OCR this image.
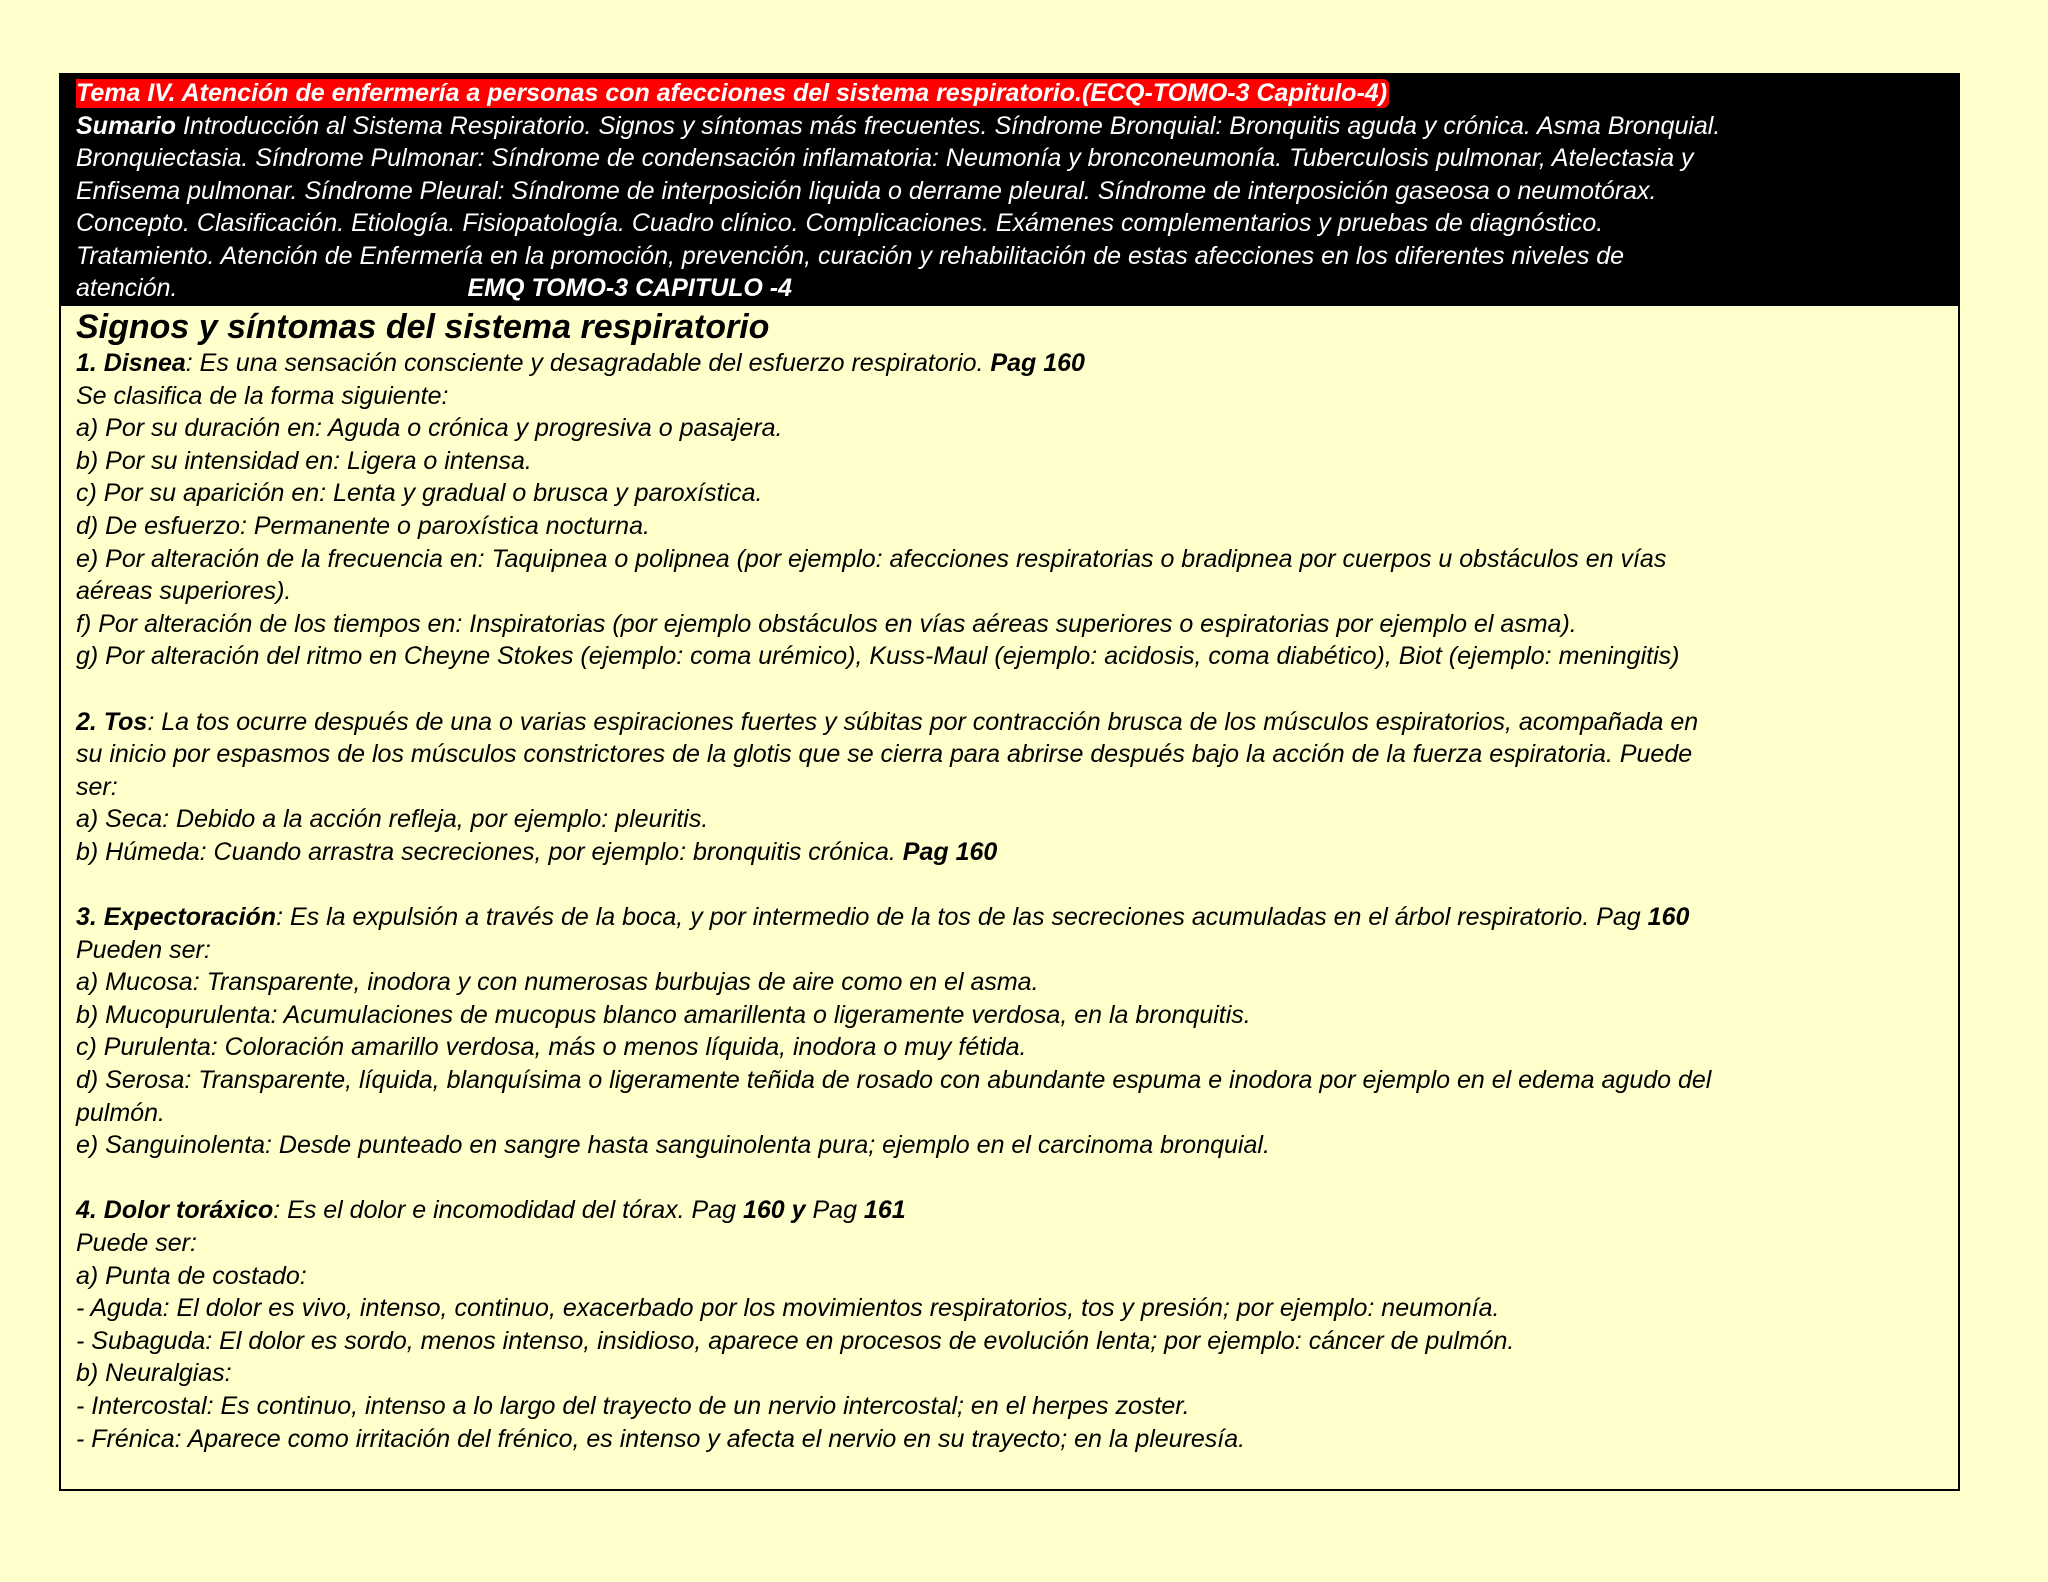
Tema IV. Atención de enfermería a personas con afecciones del sistema respiratorio.(ECQ-TOMO-3 Capitulo-4)
Sumario Introducción al Sistema Respiratorio. Signos y síntomas más frecuentes. Síndrome Bronquial: Bronquitis aguda y crónica. Asma Bronquial.
Bronquiectasia. Síndrome Pulmonar: Síndrome de condensación inflamatoria: Neumonía y bronconeumonía. Tuberculosis pulmonar, Atelectasia y
Enfisema pulmonar. Síndrome Pleural: Síndrome de interposición liquida o derrame pleural. Síndrome de interposición gaseosa o neumotórax.
Concepto. Clasificación. Etiología. Fisiopatología. Cuadro clínico. Complicaciones. Exámenes complementarios y pruebas de diagnóstico.
Tratamiento. Atención de Enfermería en la promoción, prevención, curación y rehabilitación de estas afecciones en los diferentes niveles de
atención.	EMQ TOMO-3 CAPITULO -4
Signos y síntomas del sistema respiratorio
1. Disnea: Es una sensación consciente y desagradable del esfuerzo respiratorio. Pag 160
Se clasifica de la forma siguiente:
a) Por su duración en: Aguda o crónica y progresiva o pasajera.
b) Por su intensidad en: Ligera o intensa.
c) Por su aparición en: Lenta y gradual o brusca y paroxística.
d) De esfuerzo: Permanente o paroxística nocturna.
e) Por alteración de la frecuencia en: Taquipnea o polipnea (por ejemplo: afecciones respiratorias o bradipnea por cuerpos u obstáculos en vías
aéreas superiores).
f) Por alteración de los tiempos en: Inspiratorias (por ejemplo obstáculos en vías aéreas superiores o espiratorias por ejemplo el asma).
g) Por alteración del ritmo en Cheyne Stokes (ejemplo: coma urémico), Kuss-Maul (ejemplo: acidosis, coma diabético), Biot (ejemplo: meningitis)
2. Tos: La tos ocurre después de una o varias espiraciones fuertes y súbitas por contracción brusca de los músculos espiratorios, acompañada en
su inicio por espasmos de los músculos constrictores de la glotis que se cierra para abrirse después bajo la acción de la fuerza espiratoria. Puede
ser:
a) Seca: Debido a la acción refleja, por ejemplo: pleuritis.
b) Húmeda: Cuando arrastra secreciones, por ejemplo: bronquitis crónica. Pag 160
3. Expectoración: Es la expulsión a través de la boca, y por intermedio de la tos de las secreciones acumuladas en el árbol respiratorio. Pag 160
Pueden ser:
a) Mucosa: Transparente, inodora y con numerosas burbujas de aire como en el asma.
b) Mucopurulenta: Acumulaciones de mucopus blanco amarillenta o ligeramente verdosa, en la bronquitis.
c) Purulenta: Coloración amarillo verdosa, más o menos líquida, inodora o muy fétida.
d) Serosa: Transparente, líquida, blanquísima o ligeramente teñida de rosado con abundante espuma e inodora por ejemplo en el edema agudo del
pulmón.
e) Sanguinolenta: Desde punteado en sangre hasta sanguinolenta pura; ejemplo en el carcinoma bronquial.
4. Dolor toráxico: Es el dolor e incomodidad del tórax. Pag 160 y Pag 161
Puede ser:
a) Punta de costado:
- Aguda: El dolor es vivo, intenso, continuo, exacerbado por los movimientos respiratorios, tos y presión; por ejemplo: neumonía.
- Subaguda: El dolor es sordo, menos intenso, insidioso, aparece en procesos de evolución lenta; por ejemplo: cáncer de pulmón.
b) Neuralgias:
- Intercostal: Es continuo, intenso a lo largo del trayecto de un nervio intercostal; en el herpes zoster.
- Frénica: Aparece como irritación del frénico, es intenso y afecta el nervio en su trayecto; en la pleuresía.
